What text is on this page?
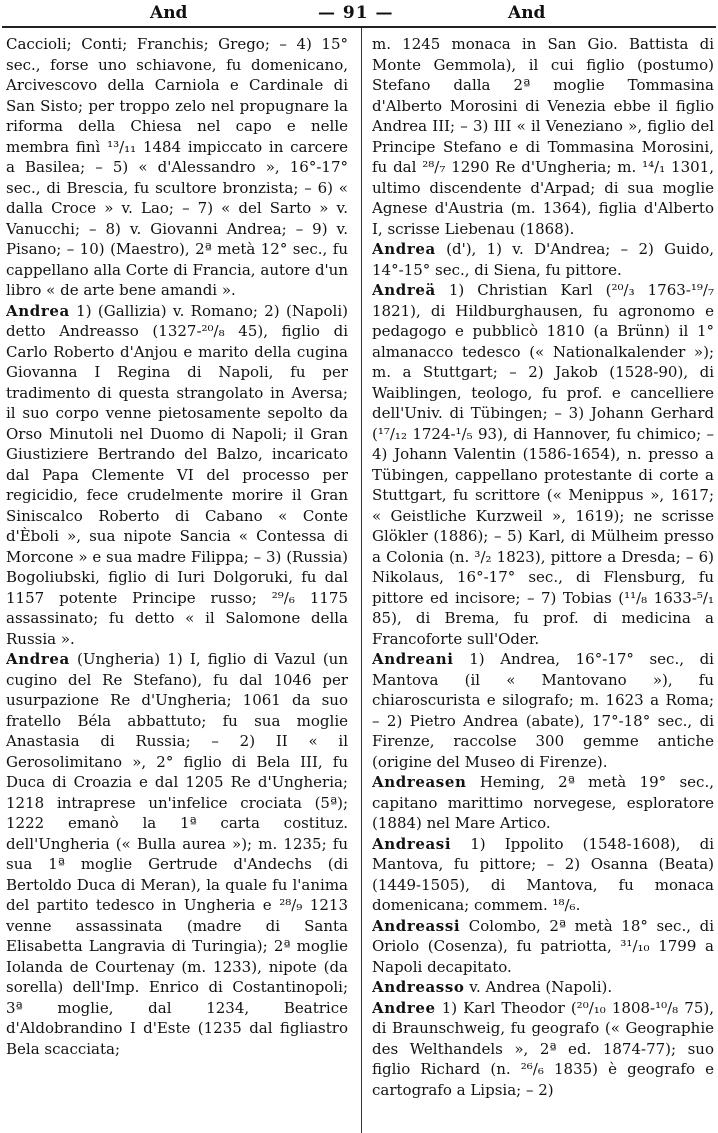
And	— 91 —	And

Caccioli; Conti; Franchis; Grego; – 4) 15° sec., forse uno schiavone, fu domenicano, Arcivescovo della Carniola e Cardinale di San Sisto; per troppo zelo nel propugnare la riforma della Chiesa nel capo e nelle membra finì ¹³/₁₁ 1484 impiccato in carcere a Basilea; – 5) « d'Alessandro », 16°-17° sec., di Brescia, fu scultore bronzista; – 6) « dalla Croce » v. Lao; – 7) « del Sarto » v. Vanucchi; – 8) v. Giovanni Andrea; – 9) v. Pisano; – 10) (Maestro), 2ª metà 12° sec., fu cappellano alla Corte di Francia, autore d'un libro « de arte bene amandi ».

Andrea 1) (Gallizia) v. Romano; 2) (Napoli) detto Andreasso (1327-²⁰/₈ 45), figlio di Carlo Roberto d'Anjou e marito della cugina Giovanna I Regina di Napoli, fu per tradimento di questa strangolato in Aversa; il suo corpo venne pietosamente sepolto da Orso Minutoli nel Duomo di Napoli; il Gran Giustiziere Bertrando del Balzo, incaricato dal Papa Clemente VI del processo per regicidio, fece crudelmente morire il Gran Siniscalco Roberto di Cabano « Conte d'Èboli », sua nipote Sancia « Contessa di Morcone » e sua madre Filippa; – 3) (Russia) Bogoliubski, figlio di Iuri Dolgoruki, fu dal 1157 potente Principe russo; ²⁹/₆ 1175 assassinato; fu detto « il Salomone della Russia ».

Andrea (Ungheria) 1) I, figlio di Vazul (un cugino del Re Stefano), fu dal 1046 per usurpazione Re d'Ungheria; 1061 da suo fratello Béla abbattuto; fu sua moglie Anastasia di Russia; – 2) II « il Gerosolimitano », 2° figlio di Bela III, fu Duca di Croazia e dal 1205 Re d'Ungheria; 1218 intraprese un'infelice crociata (5ª); 1222 emanò la 1ª carta costituz. dell'Ungheria (« Bulla aurea »); m. 1235; fu sua 1ª moglie Gertrude d'Andechs (di Bertoldo Duca di Meran), la quale fu l'anima del partito tedesco in Ungheria e ²⁸/₉ 1213 venne assassinata (madre di Santa Elisabetta Langravia di Turingia); 2ª moglie Iolanda de Courtenay (m. 1233), nipote (da sorella) dell'Imp. Enrico di Costantinopoli; 3ª moglie, dal 1234, Beatrice d'Aldobrandino I d'Este (1235 dal figliastro Bela scacciata;

m. 1245 monaca in San Gio. Battista di Monte Gemmola), il cui figlio (postumo) Stefano dalla 2ª moglie Tommasina d'Alberto Morosini di Venezia ebbe il figlio Andrea III; – 3) III « il Veneziano », figlio del Principe Stefano e di Tommasina Morosini, fu dal ²⁸/₇ 1290 Re d'Ungheria; m. ¹⁴/₁ 1301, ultimo discendente d'Arpad; di sua moglie Agnese d'Austria (m. 1364), figlia d'Alberto I, scrisse Liebenau (1868).

Andrea (d'), 1) v. D'Andrea; – 2) Guido, 14°-15° sec., di Siena, fu pittore.

Andreä 1) Christian Karl (²⁰/₃ 1763-¹⁹/₇ 1821), di Hildburghausen, fu agronomo e pedagogo e pubblicò 1810 (a Brünn) il 1° almanacco tedesco (« Nationalkalender »); m. a Stuttgart; – 2) Jakob (1528-90), di Waiblingen, teologo, fu prof. e cancelliere dell'Univ. di Tübingen; – 3) Johann Gerhard (¹⁷/₁₂ 1724-¹/₅ 93), di Hannover, fu chimico; – 4) Johann Valentin (1586-1654), n. presso a Tübingen, cappellano protestante di corte a Stuttgart, fu scrittore (« Menippus », 1617; « Geistliche Kurzweil », 1619); ne scrisse Glökler (1886); – 5) Karl, di Mülheim presso a Colonia (n. ³/₂ 1823), pittore a Dresda; – 6) Nikolaus, 16°-17° sec., di Flensburg, fu pittore ed incisore; – 7) Tobias (¹¹/₈ 1633-⁵/₁ 85), di Brema, fu prof. di medicina a Francoforte sull'Oder.

Andreani 1) Andrea, 16°-17° sec., di Mantova (il « Mantovano »), fu chiaroscurista e silografo; m. 1623 a Roma; – 2) Pietro Andrea (abate), 17°-18° sec., di Firenze, raccolse 300 gemme antiche (origine del Museo di Firenze).

Andreasen Heming, 2ª metà 19° sec., capitano marittimo norvegese, esploratore (1884) nel Mare Artico.

Andreasi 1) Ippolito (1548-1608), di Mantova, fu pittore; – 2) Osanna (Beata) (1449-1505), di Mantova, fu monaca domenicana; commem. ¹⁸/₆.

Andreassi Colombo, 2ª metà 18° sec., di Oriolo (Cosenza), fu patriotta, ³¹/₁₀ 1799 a Napoli decapitato.

Andreasso v. Andrea (Napoli).

Andree 1) Karl Theodor (²⁰/₁₀ 1808-¹⁰/₈ 75), di Braunschweig, fu geografo (« Geographie des Welthandels », 2ª ed. 1874-77); suo figlio Richard (n. ²⁶/₆ 1835) è geografo e cartografo a Lipsia; – 2)
